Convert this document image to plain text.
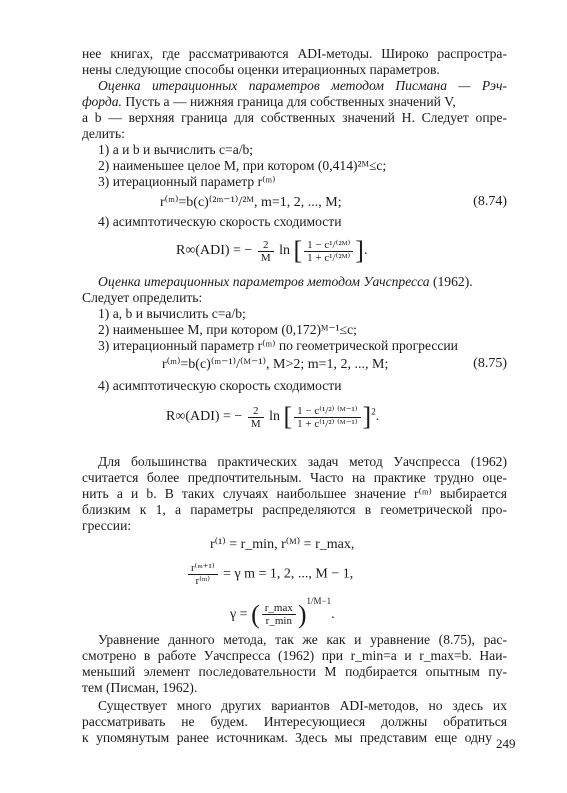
нее книгах, где рассматриваются ADI-методы. Широко распростра-
нены следующие способы оценки итерационных параметров.
Оценка итерационных параметров методом Писмана — Рэч-
форда. Пусть a — нижняя граница для собственных значений V,
а b — верхняя граница для собственных значений H. Следует опре-
делить:
1) a и b и вычислить c=a/b;
2) наименьшее целое M, при котором (0,414)²ᴹ≤c;
3) итерационный параметр r⁽ᵐ⁾
r⁽ᵐ⁾=b(c)⁽²ᵐ⁻¹⁾/²ᴹ, m=1, 2, ..., M;	(8.74)
4) асимптотическую скорость сходимости
R∞(ADI) = − $\frac{2}{M}$ ln [ $\frac{\text{1 − c¹/⁽²ᴹ⁾}}{\text{1 + c¹/⁽²ᴹ⁾}}$ ].
Оценка итерационных параметров методом Уачспресса (1962).
Следует определить:
1) a, b и вычислить c=a/b;
2) наименьшее M, при котором (0,172)ᴹ⁻¹≤c;
3) итерационный параметр r⁽ᵐ⁾ по геометрической прогрессии
r⁽ᵐ⁾=b(c)⁽ᵐ⁻¹⁾/⁽ᴹ⁻¹⁾, M>2; m=1, 2, ..., M;	(8.75)
4) асимптотическую скорость сходимости
R∞(ADI) = − $\frac{2}{M}$ ln [ $\frac{\text{1 − c⁽¹/²⁾ ⁽ᴹ⁻¹⁾}}{\text{1 + c⁽¹/²⁾ ⁽ᴹ⁻¹⁾}} ]^2$.
Для большинства практических задач метод Уачспресса (1962)
считается более предпочтительным. Часто на практике трудно оце-
нить a и b. В таких случаях наибольшее значение r⁽ᵐ⁾ выбирается
близким к 1, а параметры распределяются в геометрической про-
грессии:
r⁽¹⁾ = r_min, r⁽ᴹ⁾ = r_max,
$\frac{\text{r⁽ᵐ⁺¹⁾}}{\text{r⁽ᵐ⁾}} = \gamma$ m = 1, 2, ..., M − 1,
γ = ( $\frac{r\_\max}{r\_\min} )^{1/M-1}$.
Уравнение данного метода, так же как и уравнение (8.75), рас-
смотрено в работе Уачспресса (1962) при r_min=a и r_max=b. Наи-
меньший элемент последовательности M подбирается опытным пу-
тем (Писман, 1962).
Существует много других вариантов ADI-методов, но здесь их
рассматривать не будем. Интересующиеся должны обратиться
к упомянутым ранее источникам. Здесь мы представим еще одну 249
